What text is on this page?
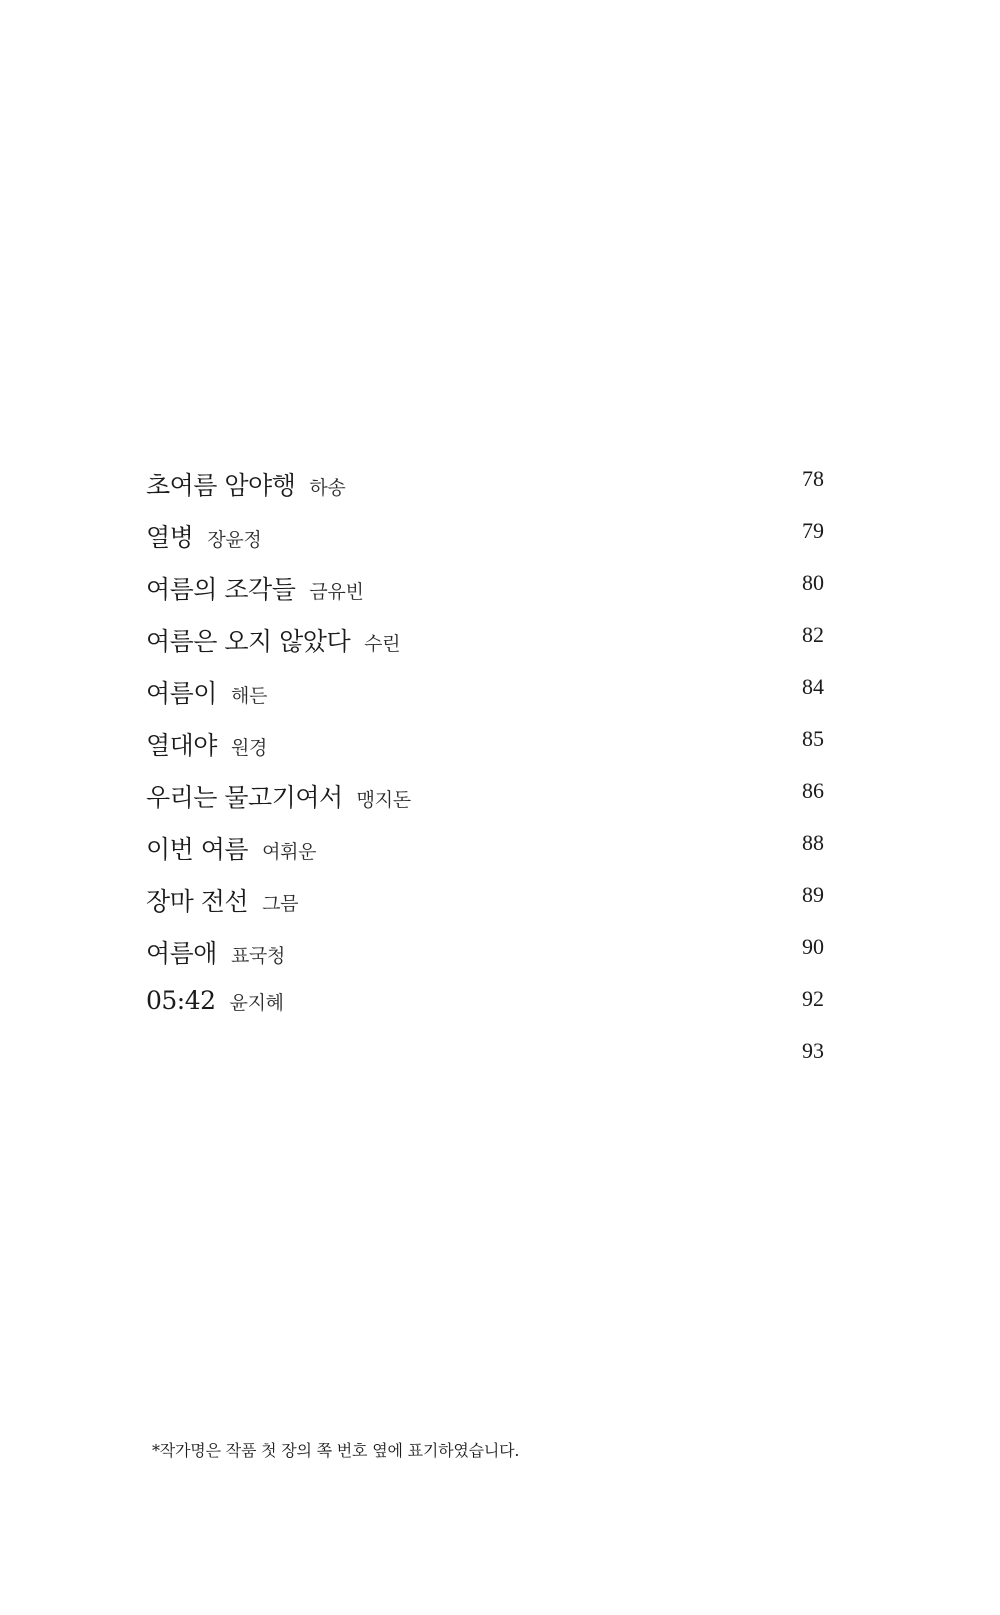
초여름 암야행 하송	78
열병 장윤정	79
여름의 조각들 금유빈	80
여름은 오지 않았다 수린	82
여름이 해든	84
열대야 원경	85
우리는 물고기여서 맹지돈	86
이번 여름 여휘운	88
장마 전선 그믐	89
여름애 표국청	90
05:42 윤지혜	92
93
*작가명은 작품 첫 장의 쪽 번호 옆에 표기하였습니다.
